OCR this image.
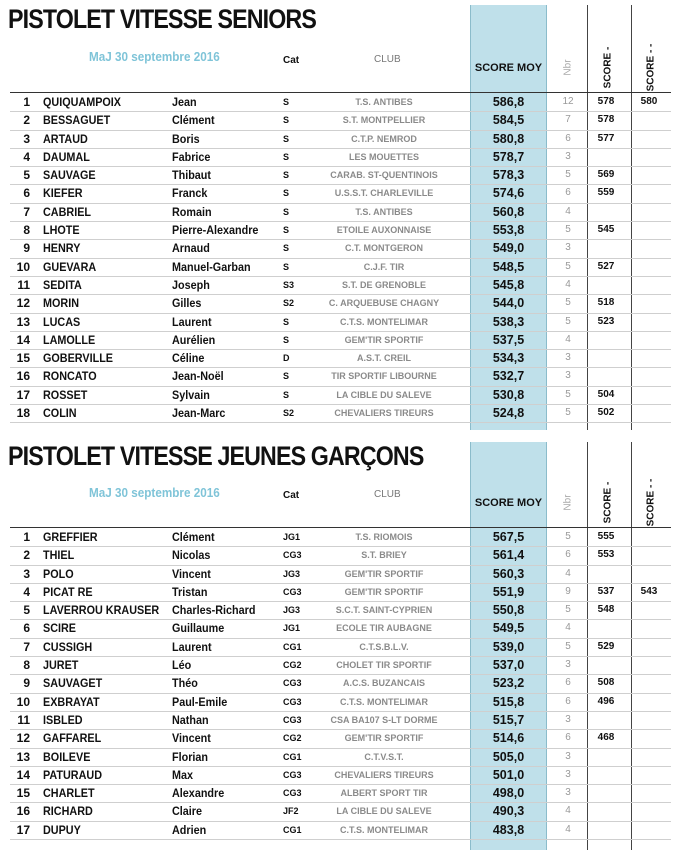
PISTOLET VITESSE SENIORS
MaJ 30 septembre 2016	Cat	CLUB
SCORE MOY	Nbr	SCORE -	SCORE - -
1 QUIQUAMPOIX	Jean	S	T.S. ANTIBES	586,8	12	578	580
2 BESSAGUET	Clément	S	S.T. MONTPELLIER	584,5	7	578
3 ARTAUD	Boris	S	C.T.P. NEMROD	580,8	6	577
4 DAUMAL	Fabrice	S	LES MOUETTES	578,7	3
5 SAUVAGE	Thibaut	S	CARAB. ST-QUENTINOIS	578,3	5	569
6 KIEFER	Franck	S	U.S.S.T. CHARLEVILLE	574,6	6	559
7 CABRIEL	Romain	S	T.S. ANTIBES	560,8	4
8 LHOTE	Pierre-Alexandre	S	ETOILE AUXONNAISE	553,8	5	545
9 HENRY	Arnaud	S	C.T. MONTGERON	549,0	3
10 GUEVARA	Manuel-Garban	S	C.J.F. TIR	548,5	5	527
11 SEDITA	Joseph	S3	S.T. DE GRENOBLE	545,8	4
12 MORIN	Gilles	S2	C. ARQUEBUSE CHAGNY	544,0	5	518
13 LUCAS	Laurent	S	C.T.S. MONTELIMAR	538,3	5	523
14 LAMOLLE	Aurélien	S	GEM'TIR SPORTIF	537,5	4
15 GOBERVILLE	Céline	D	A.S.T. CREIL	534,3	3
16 RONCATO	Jean-Noël	S	TIR SPORTIF LIBOURNE	532,7	3
17 ROSSET	Sylvain	S	LA CIBLE DU SALEVE	530,8	5	504
18 COLIN	Jean-Marc	S2	CHEVALIERS TIREURS	524,8	5	502
PISTOLET VITESSE JEUNES GARÇONS
MaJ 30 septembre 2016	Cat	CLUB
SCORE MOY	Nbr	SCORE -	SCORE - -
1 GREFFIER	Clément	JG1	T.S. RIOMOIS	567,5	5	555
2 THIEL	Nicolas	CG3	S.T. BRIEY	561,4	6	553
3 POLO	Vincent	JG3	GEM'TIR SPORTIF	560,3	4
4 PICAT RE	Tristan	CG3	GEM'TIR SPORTIF	551,9	9	537	543
5 LAVERROU KRAUSER Charles-Richard	JG3	S.C.T. SAINT-CYPRIEN	550,8	5	548
6 SCIRE	Guillaume	JG1	ECOLE TIR AUBAGNE	549,5	4
7 CUSSIGH	Laurent	CG1	C.T.S.B.L.V.	539,0	5	529
8 JURET	Léo	CG2	CHOLET TIR SPORTIF	537,0	3
9 SAUVAGET	Théo	CG3	A.C.S. BUZANCAIS	523,2	6	508
10 EXBRAYAT	Paul-Emile	CG3	C.T.S. MONTELIMAR	515,8	6	496
11 ISBLED	Nathan	CG3	CSA BA107 S-LT DORME	515,7	3
12 GAFFAREL	Vincent	CG2	GEM'TIR SPORTIF	514,6	6	468
13 BOILEVE	Florian	CG1	C.T.V.S.T.	505,0	3
14 PATURAUD	Max	CG3	CHEVALIERS TIREURS	501,0	3
15 CHARLET	Alexandre	CG3	ALBERT SPORT TIR	498,0	3
16 RICHARD	Claire	JF2	LA CIBLE DU SALEVE	490,3	4
17 DUPUY	Adrien	CG1	C.T.S. MONTELIMAR	483,8	4
